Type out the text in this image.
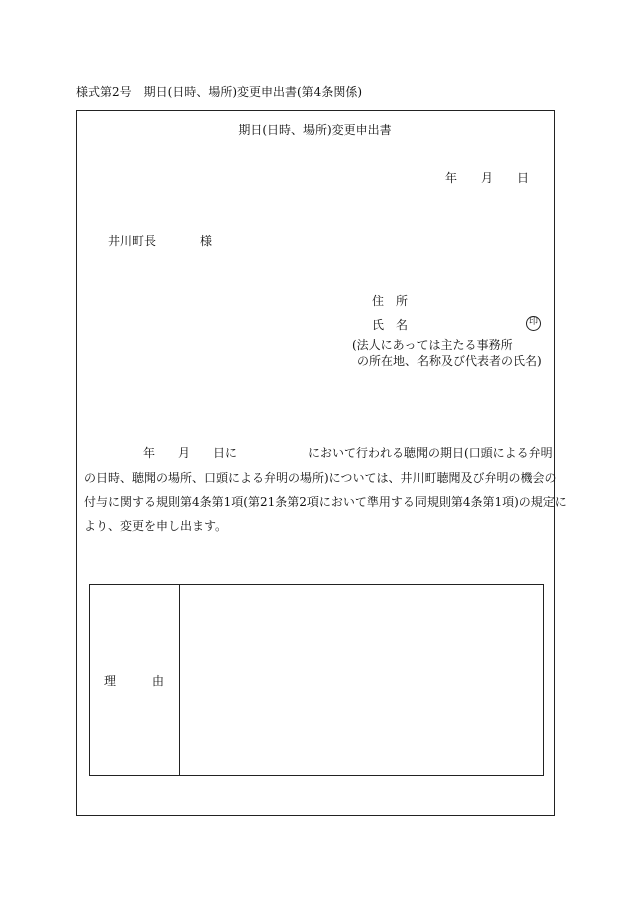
様式第2号　期日(日時、場所)変更申出書(第4条関係)
期日(日時、場所)変更申出書
年 月 日
井川町長	様
住　所
氏　名	印
(法人にあっては主たる事務所
の所在地、名称及び代表者の氏名)
年 月 日に	において行われる聴聞の期日(口頭による弁明
の日時、聴聞の場所、口頭による弁明の場所)については、井川町聴聞及び弁明の機会の
付与に関する規則第4条第1項(第21条第2項において準用する同規則第4条第1項)の規定に
より、変更を申し出ます。
理	由
